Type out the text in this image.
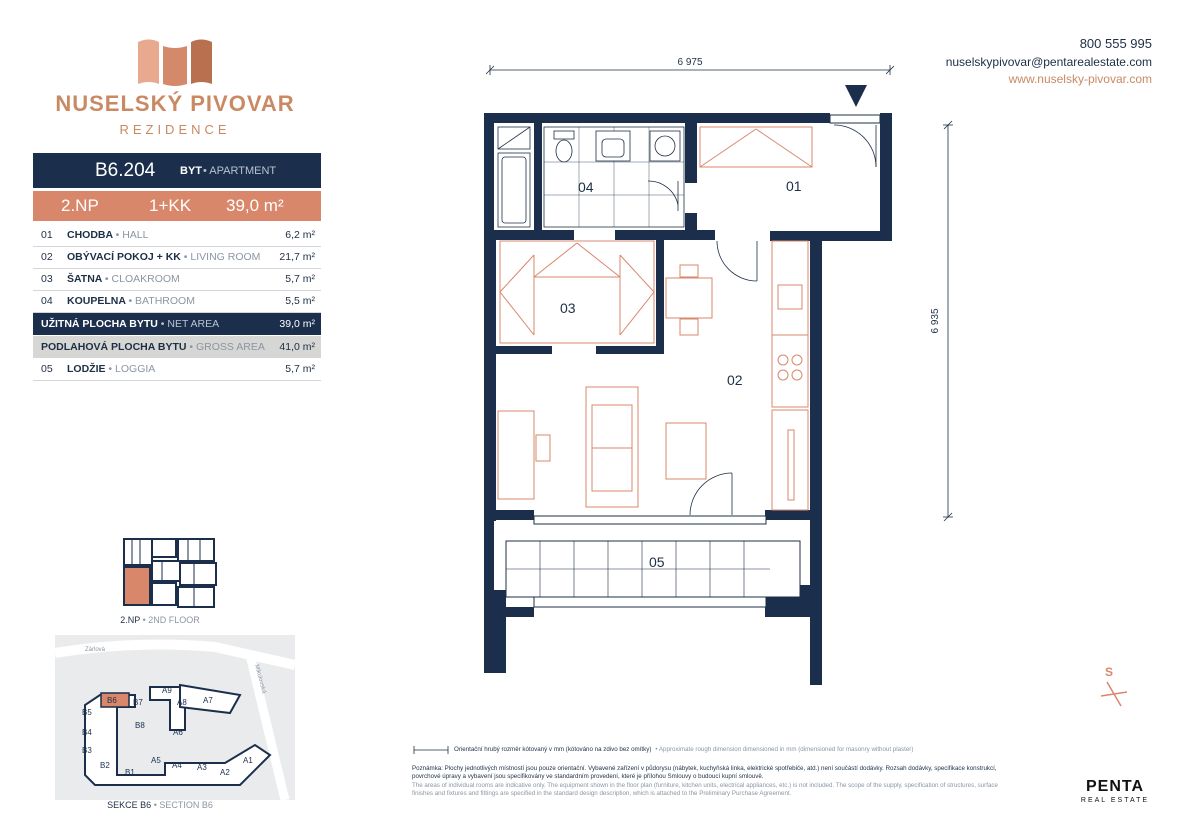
NUSELSKÝ PIVOVAR
REZIDENCE
B6.204 BYT • APARTMENT
2.NP	1+KK 39,0 m²
01 CHODBA • HALL	6,2 m²
02 OBÝVACÍ POKOJ + KK • LIVING ROOM 21,7 m²
03 ŠATNA • CLOAKROOM	5,7 m²
04 KOUPELNA • BATHROOM	5,5 m²
UŽITNÁ PLOCHA BYTU • NET AREA	39,0 m²
PODLAHOVÁ PLOCHA BYTU • GROSS AREA 41,0 m²
05 LODŽIE • LOGGIA	5,7 m²
2.NP • 2ND FLOOR
Zárlová
Mikulovská
B6 B7
B5
B8
B4
B3
B2
B1
A9
A8 A7
A6
A5
A4 A3
A2
A1
SEKCE B6 • SECTION B6
800 555 995
nuselskypivovar@pentarealestate.com
www.nuselsky-pivovar.com
6 975
6 935
04	01
03
02
05
S
Orientační hrubý rozměr kótovaný v mm (kótováno na zdivo bez omítky) • Approximate rough dimension dimensioned in mm (dimensioned for masonry without plaster)
Poznámka: Plochy jednotlivých místností jsou pouze orientační. Vybavené zařízení v půdorysu (nábytek, kuchyňská linka, elektrické spotřebiče, atd.) není součástí dodávky. Rozsah dodávky, specifikace konstrukcí, povrchové úpravy a vybavení jsou specifikovány ve standardním provedení, které je přílohou Smlouvy o budoucí kupní smlouvě.
The areas of individual rooms are indicative only. The equipment shown in the floor plan (furniture, kitchen units, electrical appliances, etc.) is not included. The scope of the supply, specification of structures, surface finishes and fixtures and fittings are specified in the standard design description, which is attached to the Preliminary Purchase Agreement.	PENTA
REAL ESTATE
